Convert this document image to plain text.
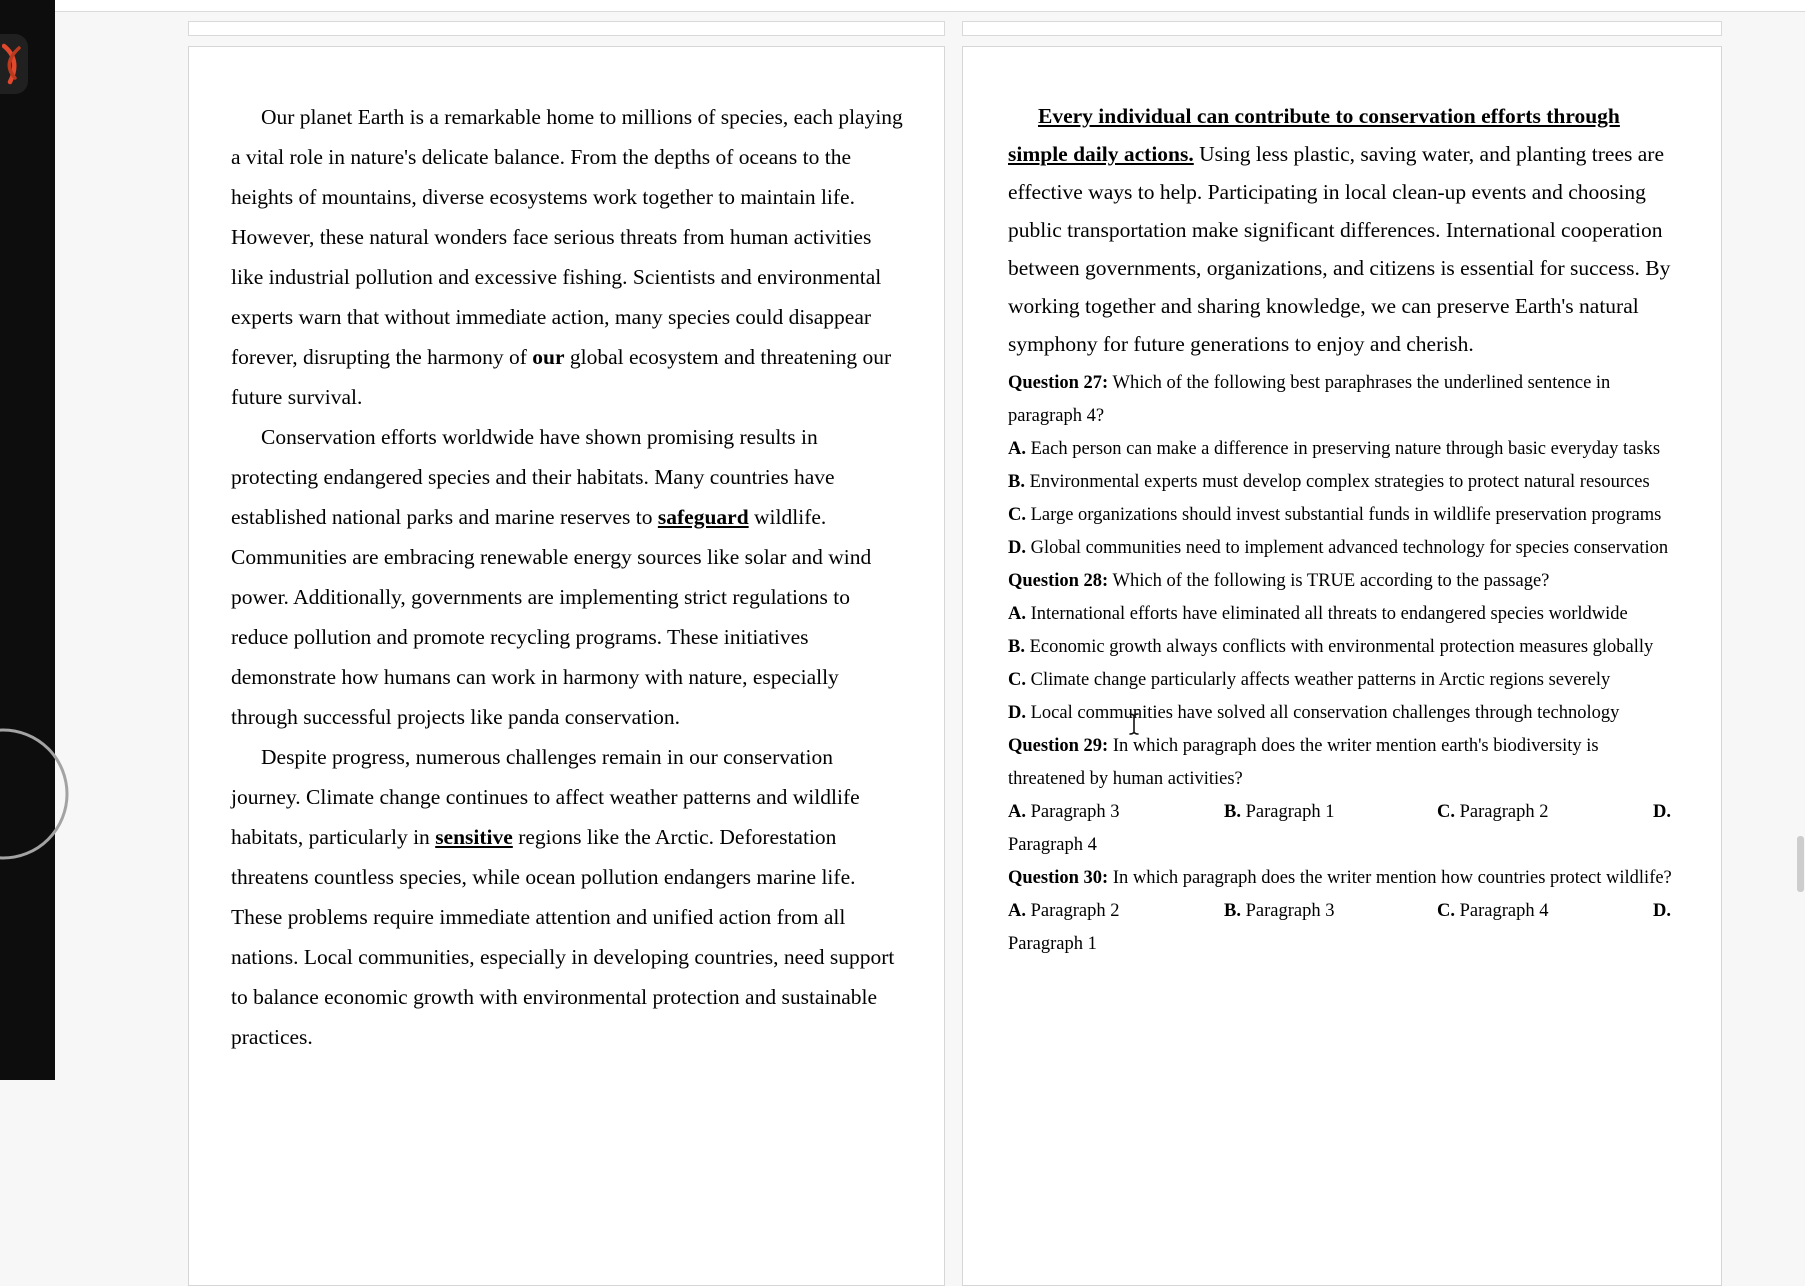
Our planet Earth is a remarkable home to millions of species, each playing a vital role in nature's delicate balance. From the depths of oceans to the heights of mountains, diverse ecosystems work together to maintain life. However, these natural wonders face serious threats from human activities like industrial pollution and excessive fishing. Scientists and environmental experts warn that without immediate action, many species could disappear forever, disrupting the harmony of our global ecosystem and threatening our future survival.

Conservation efforts worldwide have shown promising results in protecting endangered species and their habitats. Many countries have established national parks and marine reserves to safeguard wildlife. Communities are embracing renewable energy sources like solar and wind power. Additionally, governments are implementing strict regulations to reduce pollution and promote recycling programs. These initiatives demonstrate how humans can work in harmony with nature, especially through successful projects like panda conservation.

Despite progress, numerous challenges remain in our conservation journey. Climate change continues to affect weather patterns and wildlife habitats, particularly in sensitive regions like the Arctic. Deforestation threatens countless species, while ocean pollution endangers marine life. These problems require immediate attention and unified action from all nations. Local communities, especially in developing countries, need support to balance economic growth with environmental protection and sustainable practices.

Every individual can contribute to conservation efforts through simple daily actions. Using less plastic, saving water, and planting trees are effective ways to help. Participating in local clean-up events and choosing public transportation make significant differences. International cooperation between governments, organizations, and citizens is essential for success. By working together and sharing knowledge, we can preserve Earth's natural symphony for future generations to enjoy and cherish.

Question 27: Which of the following best paraphrases the underlined sentence in paragraph 4?

A. Each person can make a difference in preserving nature through basic everyday tasks

B. Environmental experts must develop complex strategies to protect natural resources

C. Large organizations should invest substantial funds in wildlife preservation programs

D. Global communities need to implement advanced technology for species conservation

Question 28: Which of the following is TRUE according to the passage?

A. International efforts have eliminated all threats to endangered species worldwide

B. Economic growth always conflicts with environmental protection measures globally

C. Climate change particularly affects weather patterns in Arctic regions severely

D. Local communities have solved all conservation challenges through technology

Question 29: In which paragraph does the writer mention earth's biodiversity is threatened by human activities?

A. Paragraph 3	B. Paragraph 1	C. Paragraph 2	D.

Paragraph 4

Question 30: In which paragraph does the writer mention how countries protect wildlife?

A. Paragraph 2	B. Paragraph 3	C. Paragraph 4	D.

Paragraph 1
